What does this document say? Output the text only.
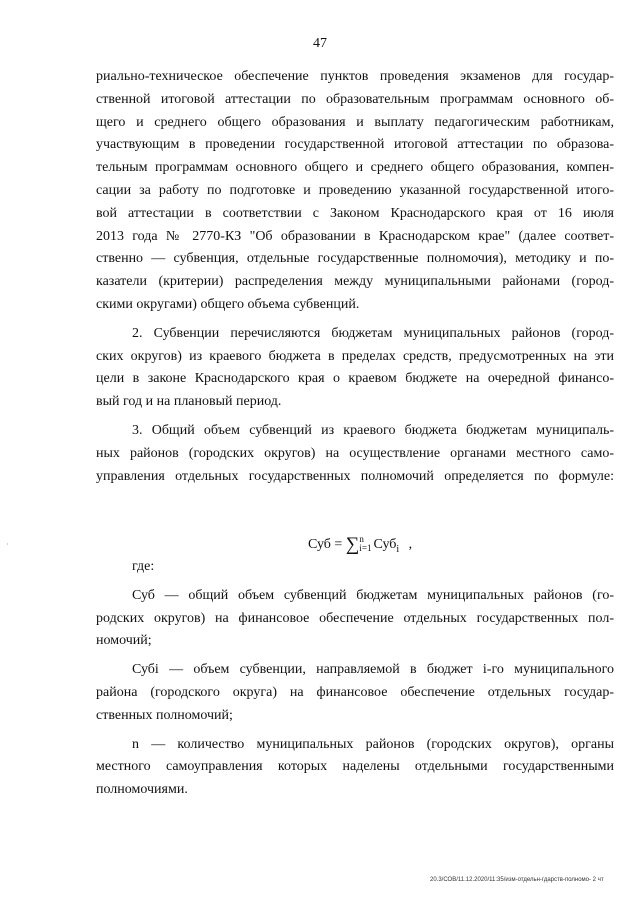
47
риально-техническое обеспечение пунктов проведения экзаменов для государ-
ственной итоговой аттестации по образовательным программам основного об-
щего и среднего общего образования и выплату педагогическим работникам,
участвующим в проведении государственной итоговой аттестации по образова-
тельным программам основного общего и среднего общего образования, компен-
сации за работу по подготовке и проведению указанной государственной итого-
вой аттестации в соответствии с Законом Краснодарского края от 16 июля
2013 года № 2770-КЗ "Об образовании в Краснодарском крае" (далее соответ-
ственно — субвенция, отдельные государственные полномочия), методику и по-
казатели (критерии) распределения между муниципальными районами (город-
скими округами) общего объема субвенций.
2. Субвенции перечисляются бюджетам муниципальных районов (город-
ских округов) из краевого бюджета в пределах средств, предусмотренных на эти
цели в законе Краснодарского края о краевом бюджете на очередной финансо-
вый год и на плановый период.
3. Общий объем субвенций из краевого бюджета бюджетам муниципаль-
ных районов (городских округов) на осуществление органами местного само-
управления отдельных государственных полномочий определяется по формуле:
Суб = ∑ n
i=1 Суб$_i$ ,
где:
Суб — общий объем субвенций бюджетам муниципальных районов (го-
родских округов) на финансовое обеспечение отдельных государственных пол-
номочий;
Субi — объем субвенции, направляемой в бюджет i-го муниципального
района (городского округа) на финансовое обеспечение отдельных государ-
ственных полномочий;
n — количество муниципальных районов (городских округов), органы
местного самоуправления которых наделены отдельными государственными
полномочиями.
·
20.3/СОВ/11.12.2020/11:35/изм-отдельн-гдарств-полномо- 2 чт
